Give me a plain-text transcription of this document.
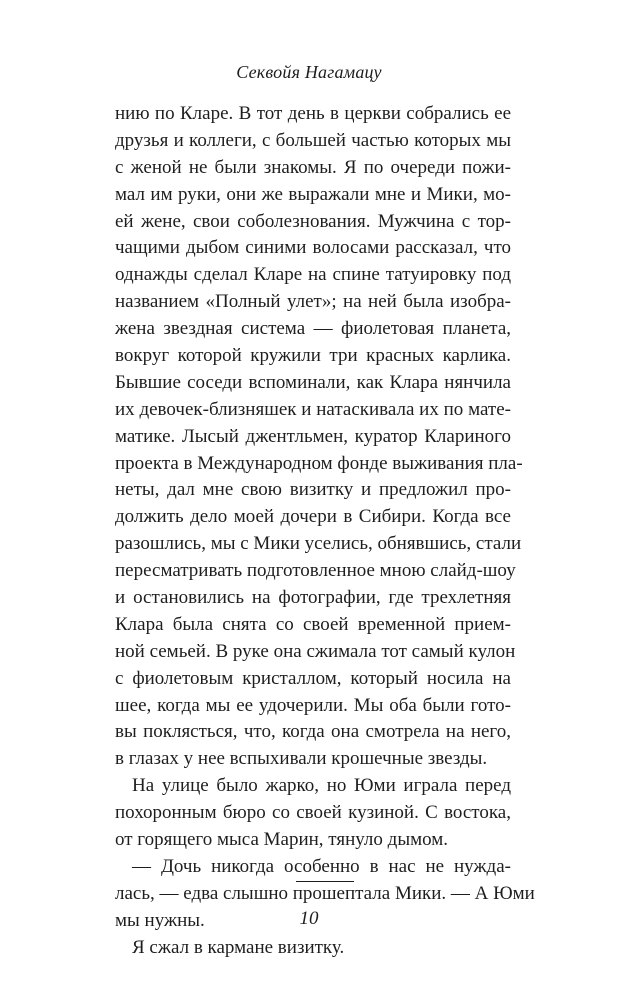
Секвойя Нагамацу
нию по Кларе. В тот день в церкви собрались ее
друзья и коллеги, с большей частью которых мы
с женой не были знакомы. Я по очереди пожи-
мал им руки, они же выражали мне и Мики, мо-
ей жене, свои соболезнования. Мужчина с тор-
чащими дыбом синими волосами рассказал, что
однажды сделал Кларе на спине татуировку под
названием «Полный улет»; на ней была изобра-
жена звездная система — фиолетовая планета,
вокруг которой кружили три красных карлика.
Бывшие соседи вспоминали, как Клара нянчила
их девочек-близняшек и натаскивала их по мате-
матике. Лысый джентльмен, куратор Клариного
проекта в Международном фонде выживания пла-
неты, дал мне свою визитку и предложил про-
должить дело моей дочери в Сибири. Когда все
разошлись, мы с Мики уселись, обнявшись, стали
пересматривать подготовленное мною слайд-шоу
и остановились на фотографии, где трехлетняя
Клара была снята со своей временной прием-
ной семьей. В руке она сжимала тот самый кулон
с фиолетовым кристаллом, который носила на
шее, когда мы ее удочерили. Мы оба были гото-
вы поклясться, что, когда она смотрела на него,
в глазах у нее вспыхивали крошечные звезды.
На улице было жарко, но Юми играла перед
похоронным бюро со своей кузиной. С востока,
от горящего мыса Марин, тянуло дымом.
— Дочь никогда особенно в нас не нужда-
лась, — едва слышно прошептала Мики. — А Юми
мы нужны.
Я сжал в кармане визитку.
10
